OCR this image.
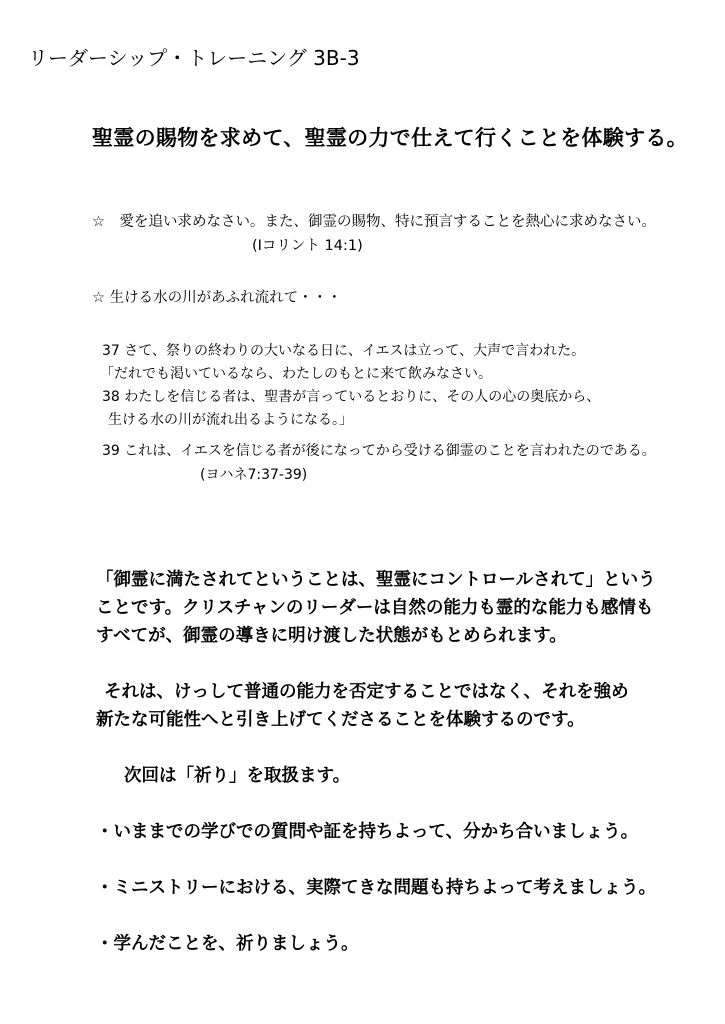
リーダーシップ・トレーニング 3B-3
聖霊の賜物を求めて、聖霊の力で仕えて行くことを体験する。
☆　愛を追い求めなさい。また、御霊の賜物、特に預言することを熱心に求めなさい。
(Ⅰコリント 14:1)
☆ 生ける水の川があふれ流れて・・・
37 さて、祭りの終わりの大いなる日に、イエスは立って、大声で言われた。
「だれでも渇いているなら、わたしのもとに来て飲みなさい。
38 わたしを信じる者は、聖書が言っているとおりに、その人の心の奥底から、
生ける水の川が流れ出るようになる。」
39 これは、イエスを信じる者が後になってから受ける御霊のことを言われたのである。
(ヨハネ7:37-39)
「御霊に満たされてということは、聖霊にコントロールされて」という
ことです。クリスチャンのリーダーは自然の能力も霊的な能力も感情も
すべてが、御霊の導きに明け渡した状態がもとめられます。
それは、けっして普通の能力を否定することではなく、それを強め
新たな可能性へと引き上げてくださることを体験するのです。
次回は「祈り」を取扱ます。
・いままでの学びでの質問や証を持ちよって、分かち合いましょう。
・ミニストリーにおける、実際てきな問題も持ちよって考えましょう。
・学んだことを、祈りましょう。
